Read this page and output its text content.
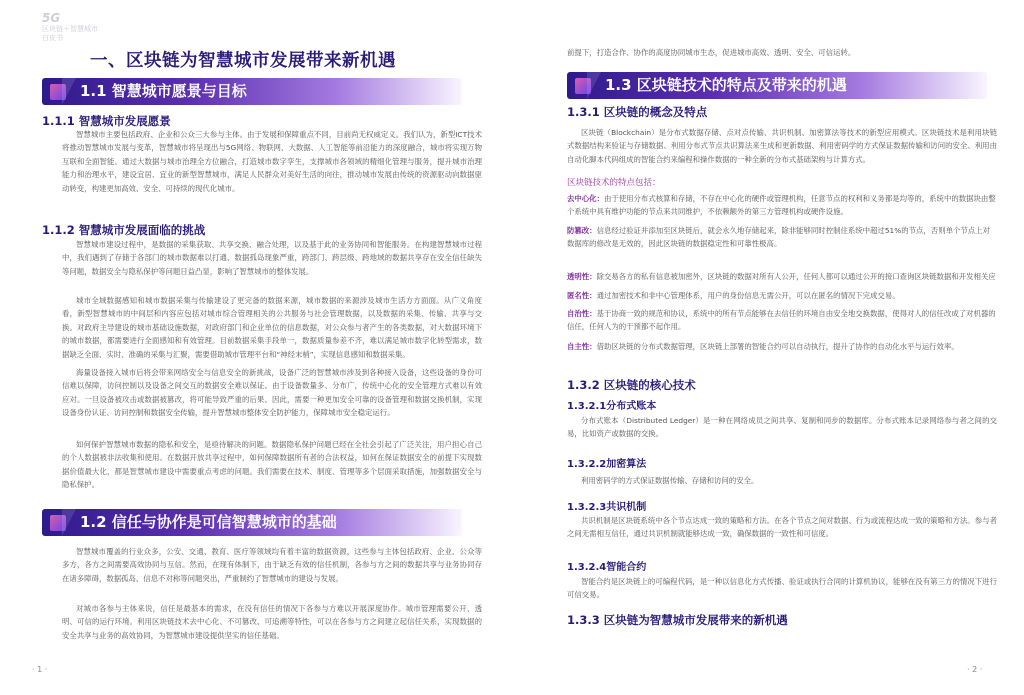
5G
区块链＋智慧城市
白皮书
一、区块链为智慧城市发展带来新机遇
1.1 智慧城市愿景与目标
1.1.1 智慧城市发展愿景
智慧城市主要包括政府、企业和公众三大参与主体。由于发展和保障重点不同，目前尚无权威定义。我们认为，新型ICT技术将推动智慧城市发展与变革，智慧城市将呈现出与5G网络、物联网、大数据、人工智能等前沿能力的深度融合，城市将实现万物互联和全面智能。通过大数据与城市治理全方位融合，打造城市数字孪生，支撑城市各领域的精细化管理与服务，提升城市治理能力和治理水平，建设宜居、宜业的新型智慧城市，满足人民群众对美好生活的向往，推动城市发展由传统的资源驱动向数据驱动转变，构建更加高效、安全、可持续的现代化城市。
1.1.2 智慧城市发展面临的挑战
智慧城市建设过程中，是数据的采集获取、共享交换、融合处理，以及基于此的业务协同和智能服务。在构建智慧城市过程中，我们遇到了存储于各部门的城市数据难以打通、数据孤岛现象严重，跨部门、跨层级、跨地域的数据共享存在安全信任缺失等问题，数据安全与隐私保护等问题日益凸显，影响了智慧城市的整体发展。
城市全域数据感知和城市数据采集与传输建设了更完备的数据来源，城市数据的来源涉及城市生活方方面面。从广义角度看，新型智慧城市的中间层和内容应包括对城市综合管理相关的公共服务与社会管理数据，以及数据的采集、传输、共享与交换。对政府主导建设的城市基础设施数据，对政府部门和企业单位的信息数据，对公众参与者产生的各类数据，对大数据环境下的城市数据，都需要进行全面感知和有效管理。目前数据采集手段单一，数据质量参差不齐，难以满足城市数字化转型需求，数据缺乏全面、实时、准确的采集与汇聚，需要借助城市管理平台和“神经末梢”，实现信息感知和数据采集。
海量设备接入城市后将会带来网络安全与信息安全的新挑战，设备广泛的智慧城市涉及到各种接入设备，这些设备的身份可信难以保障，访问控制以及设备之间交互的数据安全难以保证。由于设备数量多、分布广，传统中心化的安全管理方式难以有效应对。一旦设备被攻击或数据被篡改，将可能导致严重的后果。因此，需要一种更加安全可靠的设备管理和数据交换机制，实现设备身份认证、访问控制和数据安全传输，提升智慧城市整体安全防护能力，保障城市安全稳定运行。
如何保护智慧城市数据的隐私和安全，是亟待解决的问题。数据隐私保护问题已经在全社会引起了广泛关注，用户担心自己的个人数据被非法收集和使用。在数据开放共享过程中，如何保障数据所有者的合法权益，如何在保证数据安全的前提下实现数据价值最大化，都是智慧城市建设中需要重点考虑的问题。我们需要在技术、制度、管理等多个层面采取措施，加强数据安全与隐私保护。
1.2 信任与协作是可信智慧城市的基础
智慧城市覆盖的行业众多，公安、交通、教育、医疗等领域均有着丰富的数据资源，这些参与主体包括政府、企业、公众等多方，各方之间需要高效协同与互信。然而，在现有体制下，由于缺乏有效的信任机制，各参与方之间的数据共享与业务协同存在诸多障碍，数据孤岛、信息不对称等问题突出，严重制约了智慧城市的建设与发展。
对城市各参与主体来说，信任是最基本的需求，在没有信任的情况下各参与方难以开展深度协作。城市管理需要公开、透明、可信的运行环境。利用区块链技术去中心化、不可篡改、可追溯等特性，可以在各参与方之间建立起信任关系，实现数据的安全共享与业务的高效协同，为智慧城市建设提供坚实的信任基础。
· 1 ·
前提下，打造合作、协作的高度协同城市生态，促进城市高效、透明、安全、可信运转。
1.3 区块链技术的特点及带来的机遇
1.3.1 区块链的概念及特点
区块链（Blockchain）是分布式数据存储、点对点传输、共识机制、加密算法等技术的新型应用模式。区块链技术是利用块链式数据结构来验证与存储数据、利用分布式节点共识算法来生成和更新数据、利用密码学的方式保证数据传输和访问的安全、利用由自动化脚本代码组成的智能合约来编程和操作数据的一种全新的分布式基础架构与计算方式。
区块链技术的特点包括：
去中心化：由于使用分布式核算和存储，不存在中心化的硬件或管理机构，任意节点的权利和义务都是均等的，系统中的数据块由整个系统中具有维护功能的节点来共同维护，不依赖额外的第三方管理机构或硬件设施。
防篡改：信息经过验证并添加至区块链后，就会永久地存储起来，除非能够同时控制住系统中超过51%的节点，否则单个节点上对数据库的修改是无效的，因此区块链的数据稳定性和可靠性极高。
透明性：除交易各方的私有信息被加密外，区块链的数据对所有人公开，任何人都可以通过公开的接口查询区块链数据和开发相关应
匿名性：通过加密技术和非中心管理体系，用户的身份信息无需公开，可以在匿名的情况下完成交易。
自治性：基于协商一致的规范和协议，系统中的所有节点能够在去信任的环境自由安全地交换数据，使得对人的信任改成了对机器的信任，任何人为的干预都不起作用。
自主性：借助区块链的分布式数据管理，区块链上部署的智能合约可以自动执行，提升了协作的自动化水平与运行效率。
1.3.2 区块链的核心技术
1.3.2.1分布式账本
分布式账本（Distributed Ledger）是一种在网络成员之间共享、复制和同步的数据库。分布式账本记录网络参与者之间的交易，比如资产或数据的交换。
1.3.2.2加密算法
利用密码学的方式保证数据传输、存储和访问的安全。
1.3.2.3共识机制
共识机制是区块链系统中各个节点达成一致的策略和方法。在各个节点之间对数据、行为或流程达成一致的策略和方法。参与者之间无需相互信任，通过共识机制就能够达成一致，确保数据的一致性和可信度。
1.3.2.4智能合约
智能合约是区块链上的可编程代码，是一种以信息化方式传播、验证或执行合同的计算机协议，能够在没有第三方的情况下进行可信交易。
1.3.3 区块链为智慧城市发展带来的新机遇
· 2 ·
